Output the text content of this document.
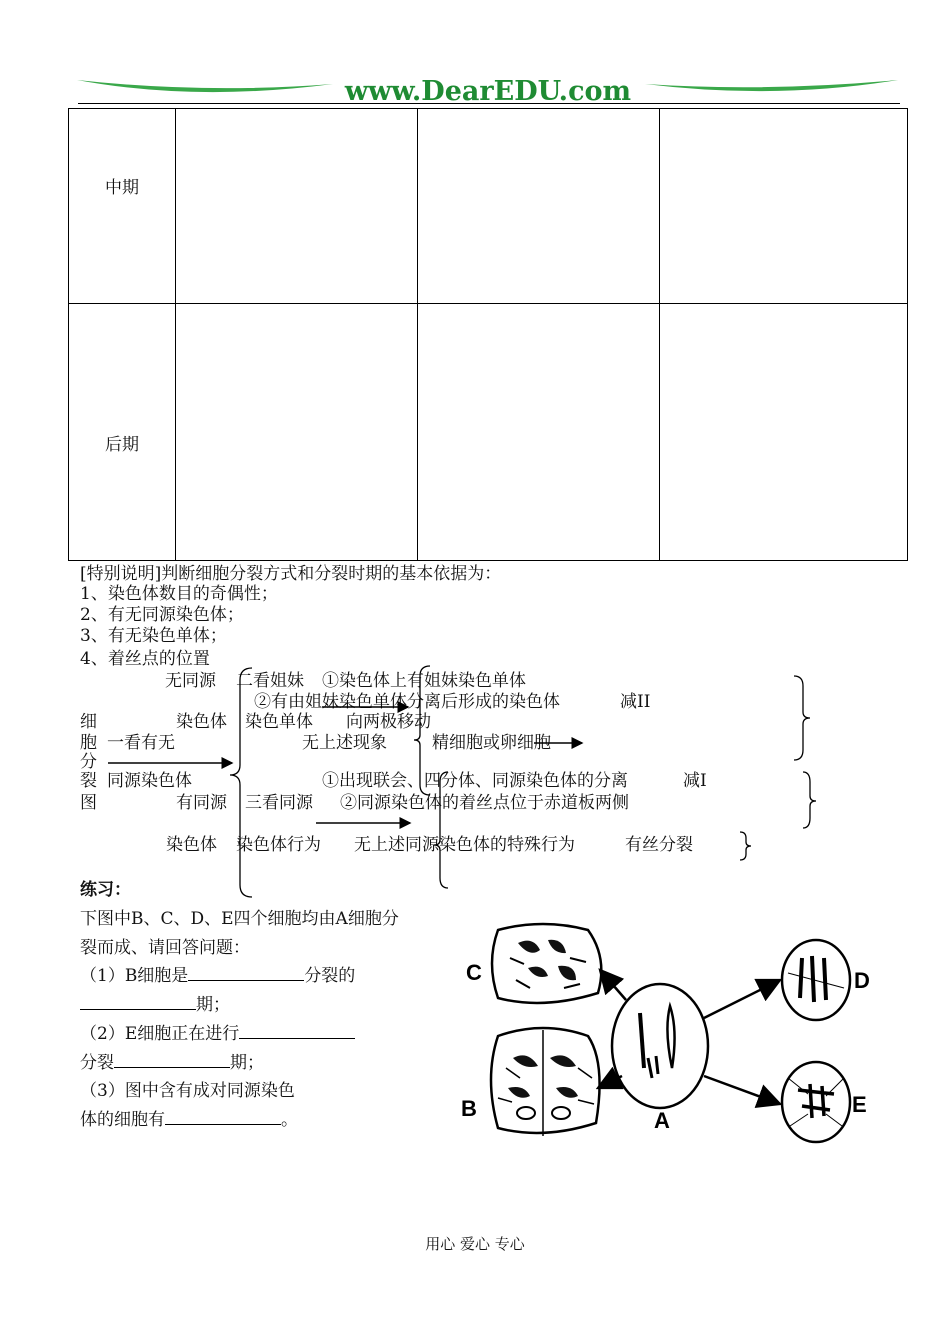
www.DearEDU.com
中期			

后期			

[特别说明]判断细胞分裂方式和分裂时期的基本依据为：
1、染色体数目的奇偶性；
2、有无同源染色体；
3、有无染色单体；
4、着丝点的位置
细
胞
分
裂
图
一看有无
同源染色体
无同源
染色体
二看姐妹
染色单体
①染色体上有姐妹染色单体
②有由姐妹染色单体分离后形成的染色体
向两极移动
减II
无上述现象	精细胞或卵细胞
有同源 三看同源
①出现联会、四分体、同源染色体的分离	减I
②同源染色体的着丝点位于赤道板两侧
染色体 染色体行为 无上述同源染色体的特殊行为	有丝分裂
练习：
下图中B、C、D、E四个细胞均由A细胞分
裂而成、请回答问题：
（1）B细胞是	分裂的
期；
（2）E细胞正在进行
分裂	期；
（3）图中含有成对同源染色
体的细胞有	。	A
B
C	D
E
用心 爱心 专心
